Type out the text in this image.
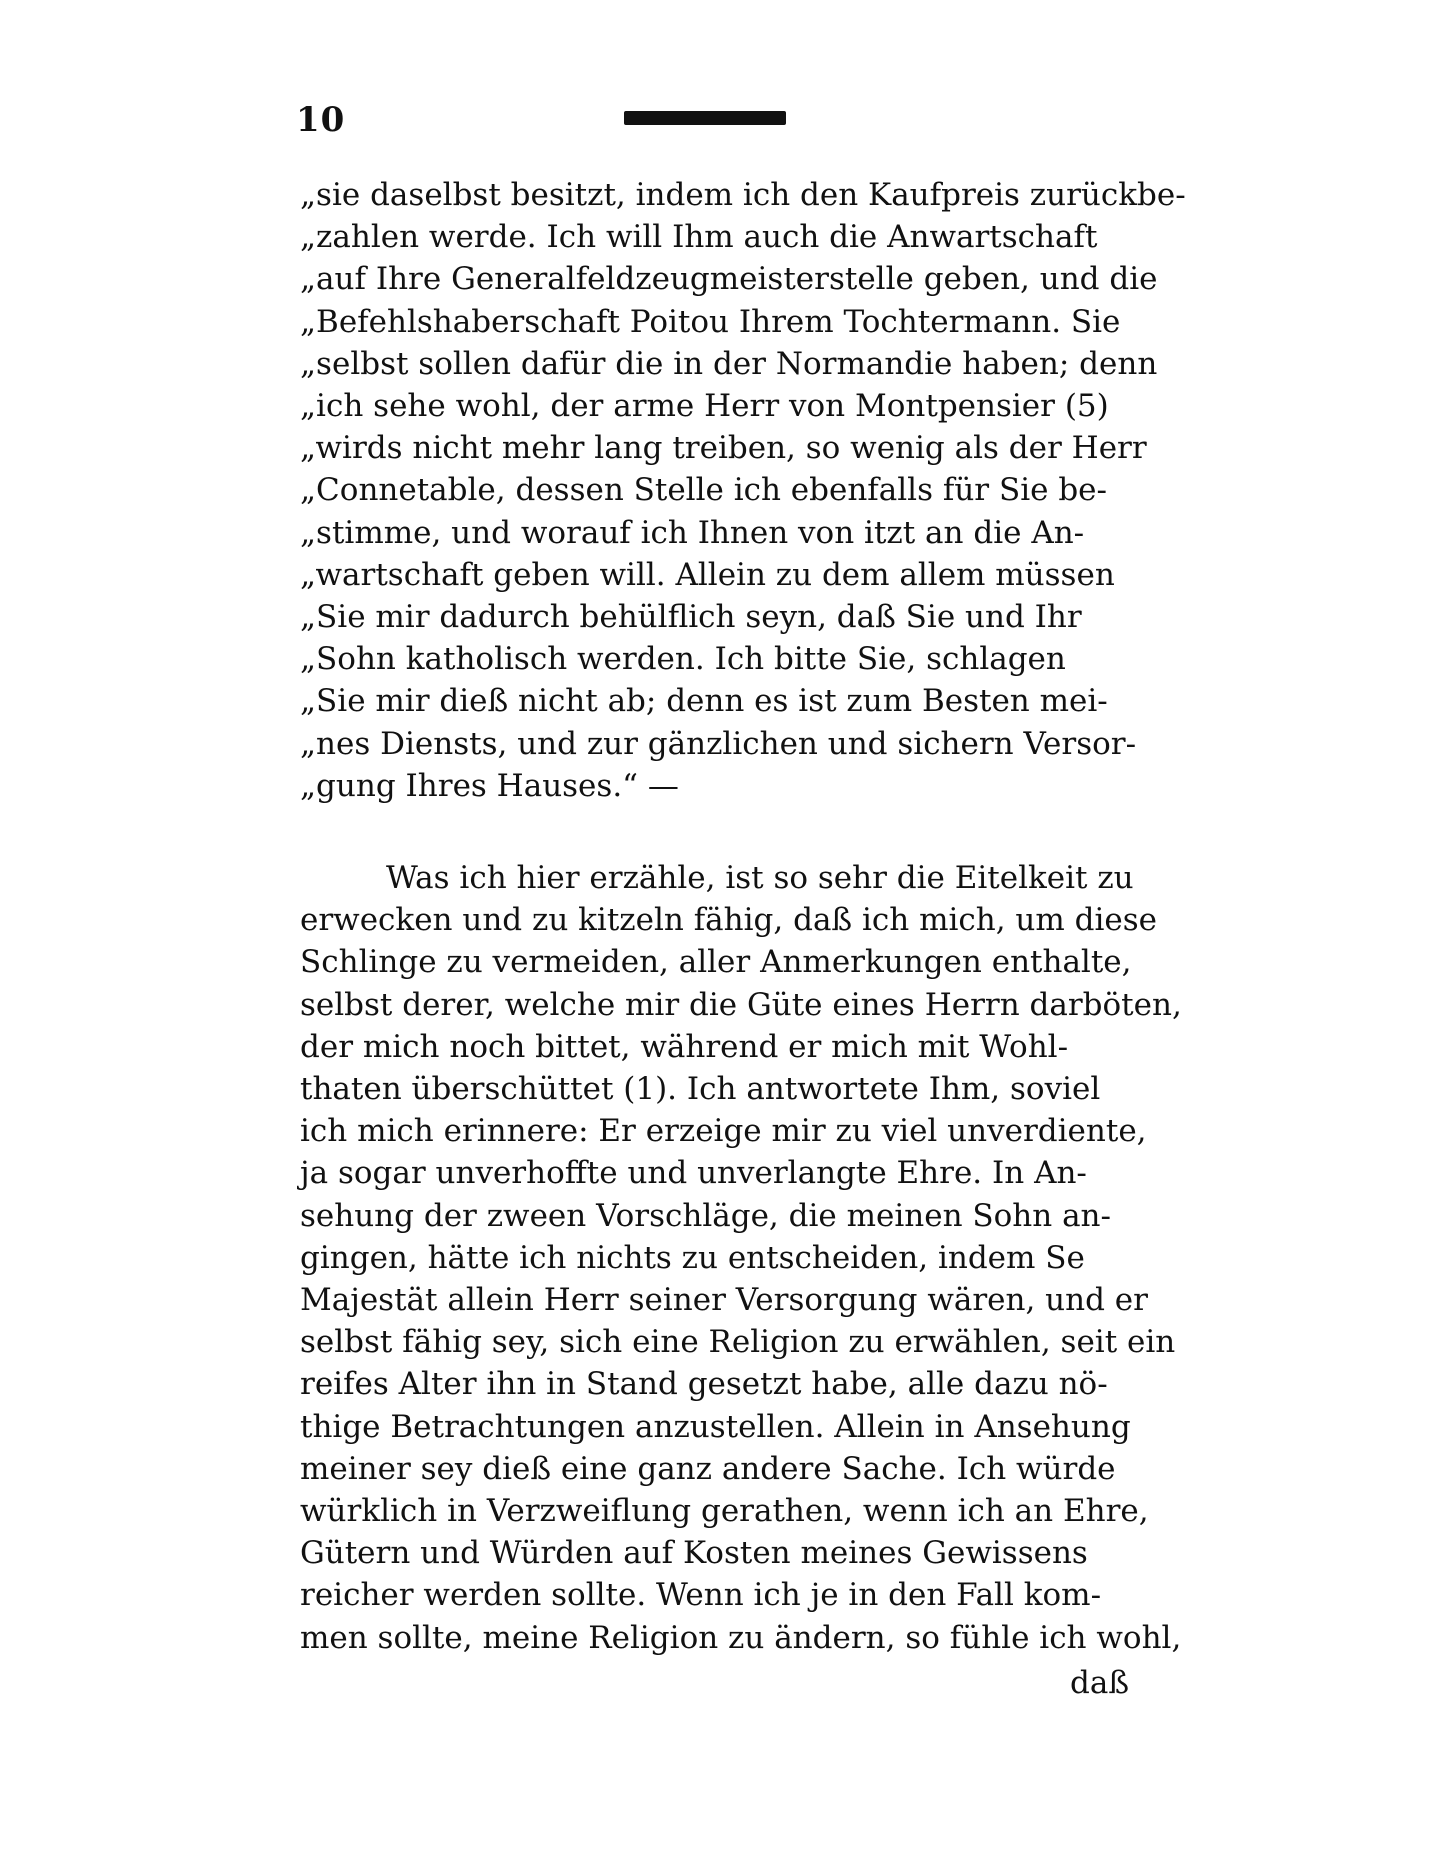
10
„sie daselbst besitzt, indem ich den Kaufpreis zurückbe-
„zahlen werde. Ich will Ihm auch die Anwartschaft
„auf Ihre Generalfeldzeugmeisterstelle geben, und die
„Befehlshaberschaft Poitou Ihrem Tochtermann. Sie
„selbst sollen dafür die in der Normandie haben; denn
„ich sehe wohl, der arme Herr von Montpensier (5)
„wirds nicht mehr lang treiben, so wenig als der Herr
„Connetable, dessen Stelle ich ebenfalls für Sie be-
„stimme, und worauf ich Ihnen von itzt an die An-
„wartschaft geben will. Allein zu dem allem müssen
„Sie mir dadurch behülflich seyn, daß Sie und Ihr
„Sohn katholisch werden. Ich bitte Sie, schlagen
„Sie mir dieß nicht ab; denn es ist zum Besten mei-
„nes Diensts, und zur gänzlichen und sichern Versor-
„gung Ihres Hauses.“ —
Was ich hier erzähle, ist so sehr die Eitelkeit zu
erwecken und zu kitzeln fähig, daß ich mich, um diese
Schlinge zu vermeiden, aller Anmerkungen enthalte,
selbst derer, welche mir die Güte eines Herrn darböten,
der mich noch bittet, während er mich mit Wohl-
thaten überschüttet (1). Ich antwortete Ihm, soviel
ich mich erinnere: Er erzeige mir zu viel unverdiente,
ja sogar unverhoffte und unverlangte Ehre. In An-
sehung der zween Vorschläge, die meinen Sohn an-
gingen, hätte ich nichts zu entscheiden, indem Se
Majestät allein Herr seiner Versorgung wären, und er
selbst fähig sey, sich eine Religion zu erwählen, seit ein
reifes Alter ihn in Stand gesetzt habe, alle dazu nö-
thige Betrachtungen anzustellen. Allein in Ansehung
meiner sey dieß eine ganz andere Sache. Ich würde
würklich in Verzweiflung gerathen, wenn ich an Ehre,
Gütern und Würden auf Kosten meines Gewissens
reicher werden sollte. Wenn ich je in den Fall kom-
men sollte, meine Religion zu ändern, so fühle ich wohl,
daß
